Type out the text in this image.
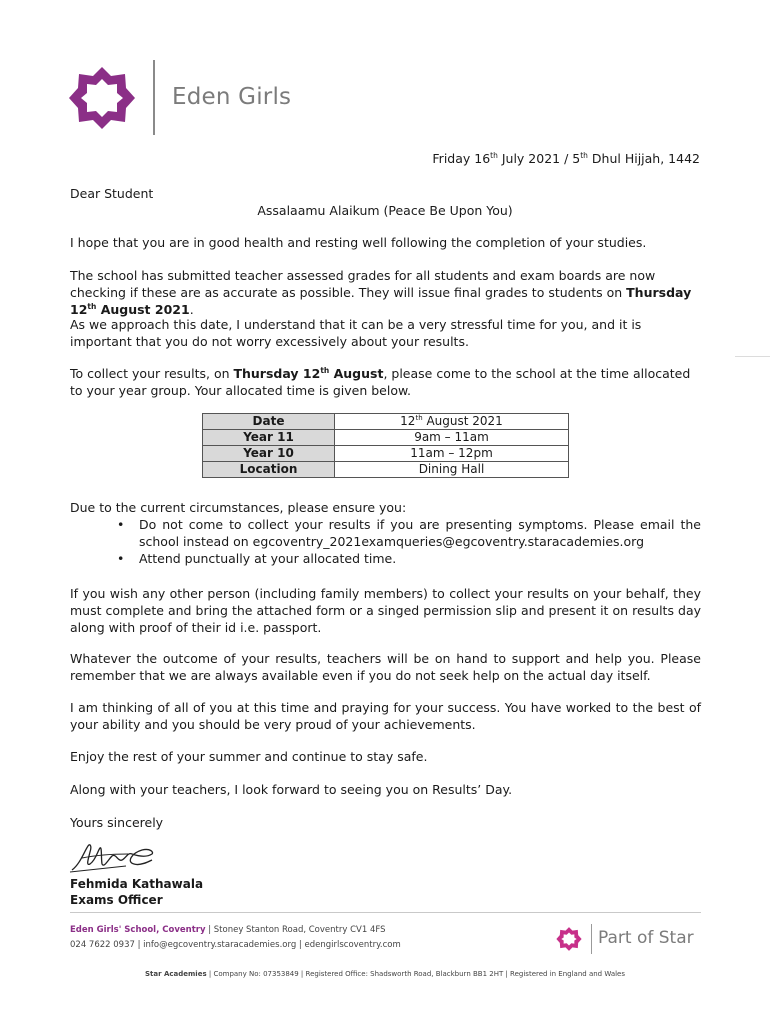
Eden Girls
Friday 16th July 2021 / 5th Dhul Hijjah, 1442
Dear Student
Assalaamu Alaikum (Peace Be Upon You)
I hope that you are in good health and resting well following the completion of your studies.
The school has submitted teacher assessed grades for all students and exam boards are now checking if these are as accurate as possible. They will issue final grades to students on Thursday 12th August 2021.
As we approach this date, I understand that it can be a very stressful time for you, and it is important that you do not worry excessively about your results.
To collect your results, on Thursday 12th August, please come to the school at the time allocated to your year group. Your allocated time is given below.
Date	12th August 2021
Year 11	9am – 11am
Year 10	11am – 12pm
Location	Dining Hall
Due to the current circumstances, please ensure you:
• Do not come to collect your results if you are presenting symptoms. Please email the school instead on egcoventry_2021examqueries@egcoventry.staracademies.org
• Attend punctually at your allocated time.
If you wish any other person (including family members) to collect your results on your behalf, they must complete and bring the attached form or a singed permission slip and present it on results day along with proof of their id i.e. passport.
Whatever the outcome of your results, teachers will be on hand to support and help you. Please remember that we are always available even if you do not seek help on the actual day itself.
I am thinking of all of you at this time and praying for your success. You have worked to the best of your ability and you should be very proud of your achievements.
Enjoy the rest of your summer and continue to stay safe.
Along with your teachers, I look forward to seeing you on Results’ Day.
Yours sincerely
Fehmida Kathawala
Exams Officer
Eden Girls' School, Coventry | Stoney Stanton Road, Coventry CV1 4FS
024 7622 0937 | info@egcoventry.staracademies.org | edengirlscoventry.com	Part of Star
Star Academies | Company No: 07353849 | Registered Office: Shadsworth Road, Blackburn BB1 2HT | Registered in England and Wales
